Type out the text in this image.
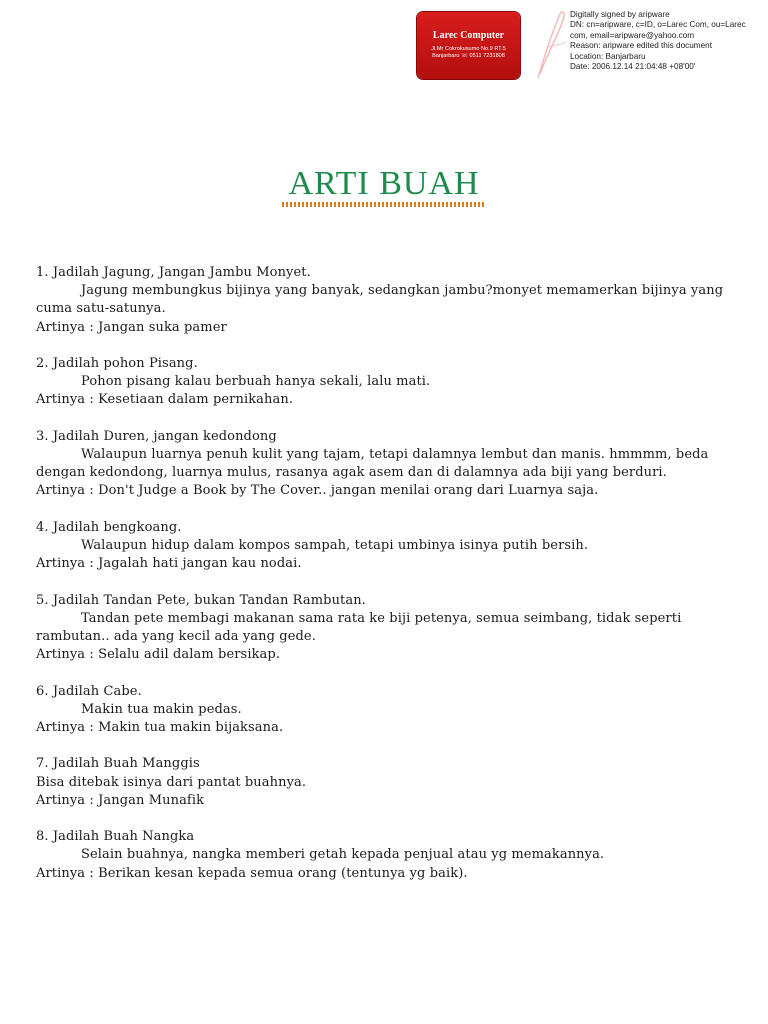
Larec Computer
Jl.Mr Cokrokusumo No.9 RT.5
Banjarbaru ☏ 0511 7231808
Digitally signed by aripware
DN: cn=aripware, c=ID, o=Larec Com, ou=Larec
com, email=aripware@yahoo.com
Reason: aripware edited this document
Location: Banjarbaru
Date: 2006.12.14 21:04:48 +08'00'
ARTI BUAH
1. Jadilah Jagung, Jangan Jambu Monyet.
Jagung membungkus bijinya yang banyak, sedangkan jambu?monyet memamerkan bijinya yang cuma satu-satunya.
Artinya : Jangan suka pamer
2. Jadilah pohon Pisang.
Pohon pisang kalau berbuah hanya sekali, lalu mati.
Artinya : Kesetiaan dalam pernikahan.
3. Jadilah Duren, jangan kedondong
Walaupun luarnya penuh kulit yang tajam, tetapi dalamnya lembut dan manis. hmmmm, beda dengan kedondong, luarnya mulus, rasanya agak asem dan di dalamnya ada biji yang berduri.
Artinya : Don't Judge a Book by The Cover.. jangan menilai orang dari Luarnya saja.
4. Jadilah bengkoang.
Walaupun hidup dalam kompos sampah, tetapi umbinya isinya putih bersih.
Artinya : Jagalah hati jangan kau nodai.
5. Jadilah Tandan Pete, bukan Tandan Rambutan.
Tandan pete membagi makanan sama rata ke biji petenya, semua seimbang, tidak seperti rambutan.. ada yang kecil ada yang gede.
Artinya : Selalu adil dalam bersikap.
6. Jadilah Cabe.
Makin tua makin pedas.
Artinya : Makin tua makin bijaksana.
7. Jadilah Buah Manggis
Bisa ditebak isinya dari pantat buahnya.
Artinya : Jangan Munafik
8. Jadilah Buah Nangka
Selain buahnya, nangka memberi getah kepada penjual atau yg memakannya.
Artinya : Berikan kesan kepada semua orang (tentunya yg baik).
